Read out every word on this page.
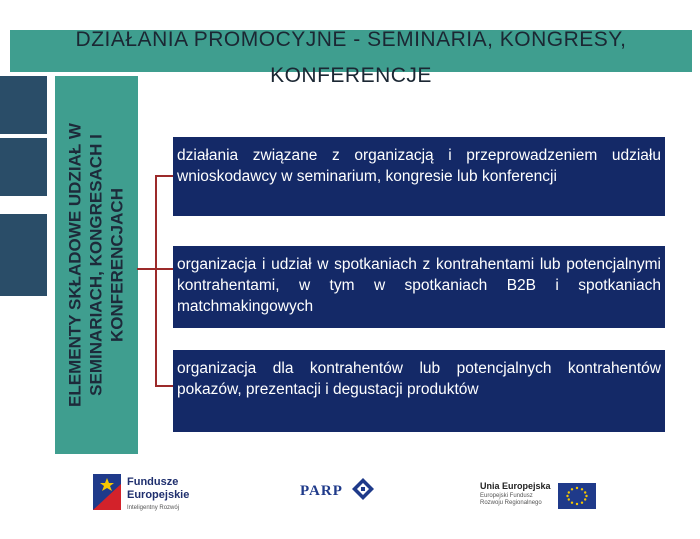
DZIAŁANIA PROMOCYJNE - SEMINARIA, KONGRESY, KONFERENCJE
ELEMENTY SKŁADOWE UDZIAŁ W SEMINARIACH, KONGRESACH I KONFERENCJACH
działania związane z organizacją i przeprowadzeniem udziału wnioskodawcy w seminarium, kongresie lub konferencji
organizacja i udział w spotkaniach z kontrahentami lub potencjalnymi kontrahentami, w tym w spotkaniach B2B i spotkaniach matchmakingowych
organizacja dla kontrahentów lub potencjalnych kontrahentów pokazów, prezentacji i degustacji produktów
Fundusze
Europejskie
Inteligentny Rozwój
PARP	Unia Europejska
Europejski Fundusz
Rozwoju Regionalnego
